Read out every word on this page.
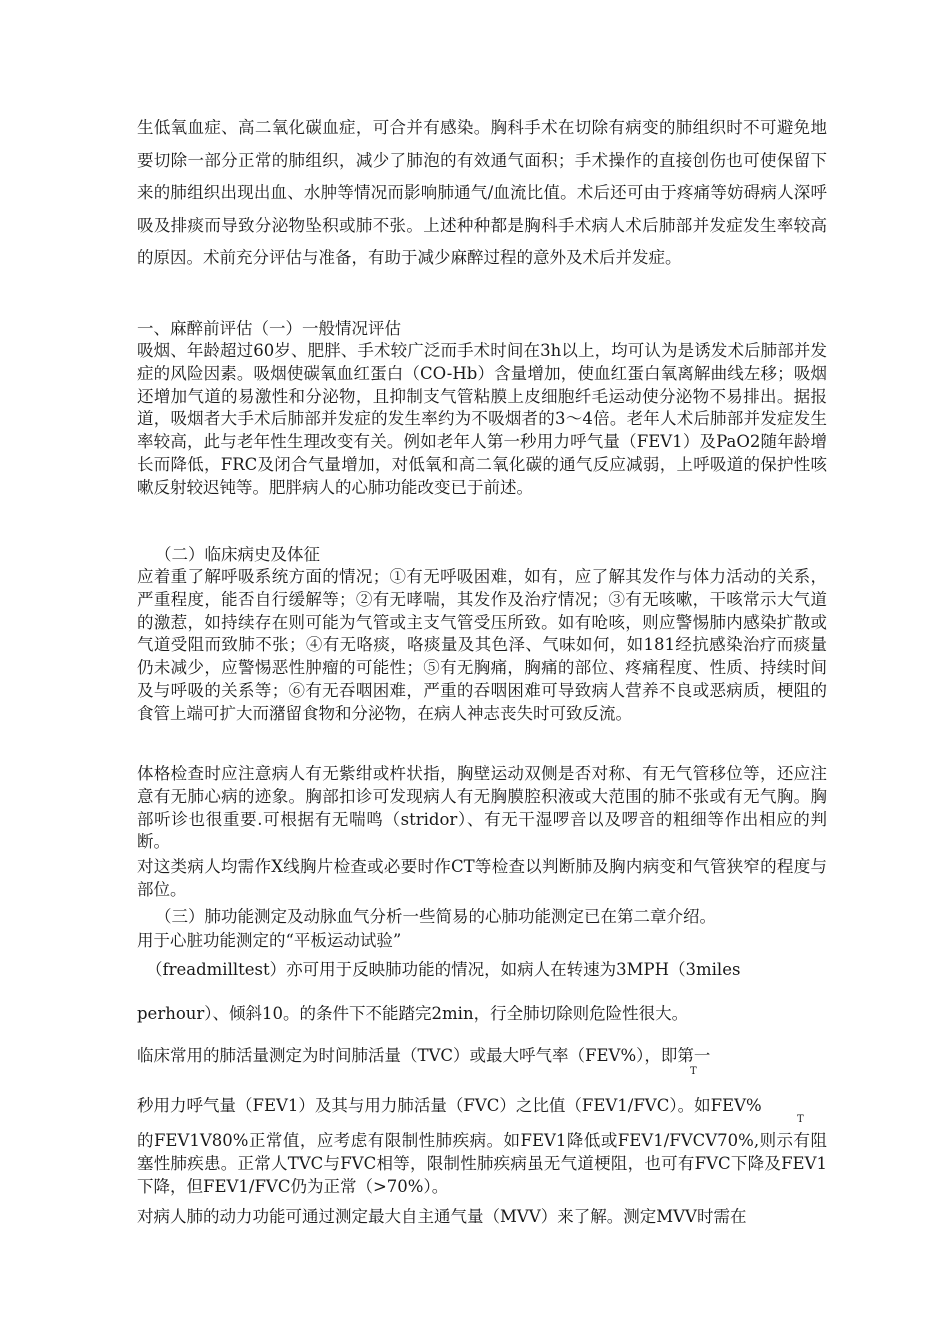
生低氧血症、高二氧化碳血症，可合并有感染。胸科手术在切除有病变的肺组织时不可避免地要切除一部分正常的肺组织，减少了肺泡的有效通气面积；手术操作的直接创伤也可使保留下来的肺组织出现出血、水肿等情况而影响肺通气/血流比值。术后还可由于疼痛等妨碍病人深呼吸及排痰而导致分泌物坠积或肺不张。上述种种都是胸科手术病人术后肺部并发症发生率较高的原因。术前充分评估与准备，有助于减少麻醉过程的意外及术后并发症。

一、麻醉前评估（一）一般情况评估

吸烟、年龄超过60岁、肥胖、手术较广泛而手术时间在3h以上，均可认为是诱发术后肺部并发症的风险因素。吸烟使碳氧血红蛋白（CO-Hb）含量增加，使血红蛋白氧离解曲线左移；吸烟还增加气道的易激性和分泌物，且抑制支气管粘膜上皮细胞纤毛运动使分泌物不易排出。据报道，吸烟者大手术后肺部并发症的发生率约为不吸烟者的3～4倍。老年人术后肺部并发症发生率较高，此与老年性生理改变有关。例如老年人第一秒用力呼气量（FEV1）及PaO2随年龄增长而降低，FRC及闭合气量增加，对低氧和高二氧化碳的通气反应减弱，上呼吸道的保护性咳嗽反射较迟钝等。肥胖病人的心肺功能改变已于前述。

（二）临床病史及体征

应着重了解呼吸系统方面的情况；①有无呼吸困难，如有，应了解其发作与体力活动的关系，严重程度，能否自行缓解等；②有无哮喘，其发作及治疗情况；③有无咳嗽，干咳常示大气道的激惹，如持续存在则可能为气管或主支气管受压所致。如有呛咳，则应警惕肺内感染扩散或气道受阻而致肺不张；④有无咯痰，咯痰量及其色泽、气味如何，如181经抗感染治疗而痰量仍未减少，应警惕恶性肿瘤的可能性；⑤有无胸痛，胸痛的部位、疼痛程度、性质、持续时间及与呼吸的关系等；⑥有无吞咽困难，严重的吞咽困难可导致病人营养不良或恶病质，梗阻的食管上端可扩大而潴留食物和分泌物，在病人神志丧失时可致反流。

体格检查时应注意病人有无紫绀或杵状指，胸壁运动双侧是否对称、有无气管移位等，还应注意有无肺心病的迹象。胸部扣诊可发现病人有无胸膜腔积液或大范围的肺不张或有无气胸。胸部听诊也很重要.可根据有无喘鸣（stridor）、有无干湿啰音以及啰音的粗细等作出相应的判断。

对这类病人均需作X线胸片检查或必要时作CT等检查以判断肺及胸内病变和气管狭窄的程度与部位。

（三）肺功能测定及动脉血气分析一些简易的心肺功能测定已在第二章介绍。

用于心脏功能测定的“平板运动试验”

（freadmilltest）亦可用于反映肺功能的情况，如病人在转速为3MPH（3miles

perhour）、倾斜10。的条件下不能踏完2min，行全肺切除则危险性很大。

临床常用的肺活量测定为时间肺活量（TVC）或最大呼气率（FEV%），即第一

T

秒用力呼气量（FEV1）及其与用力肺活量（FVC）之比值（FEV1/FVC）。如FEV%

T

的FEV1V80%正常值，应考虑有限制性肺疾病。如FEV1降低或FEV1/FVCV70%,则示有阻塞性肺疾患。正常人TVC与FVC相等，限制性肺疾病虽无气道梗阻，也可有FVC下降及FEV1下降，但FEV1/FVC仍为正常（>70%）。

对病人肺的动力功能可通过测定最大自主通气量（MVV）来了解。测定MVV时需在
